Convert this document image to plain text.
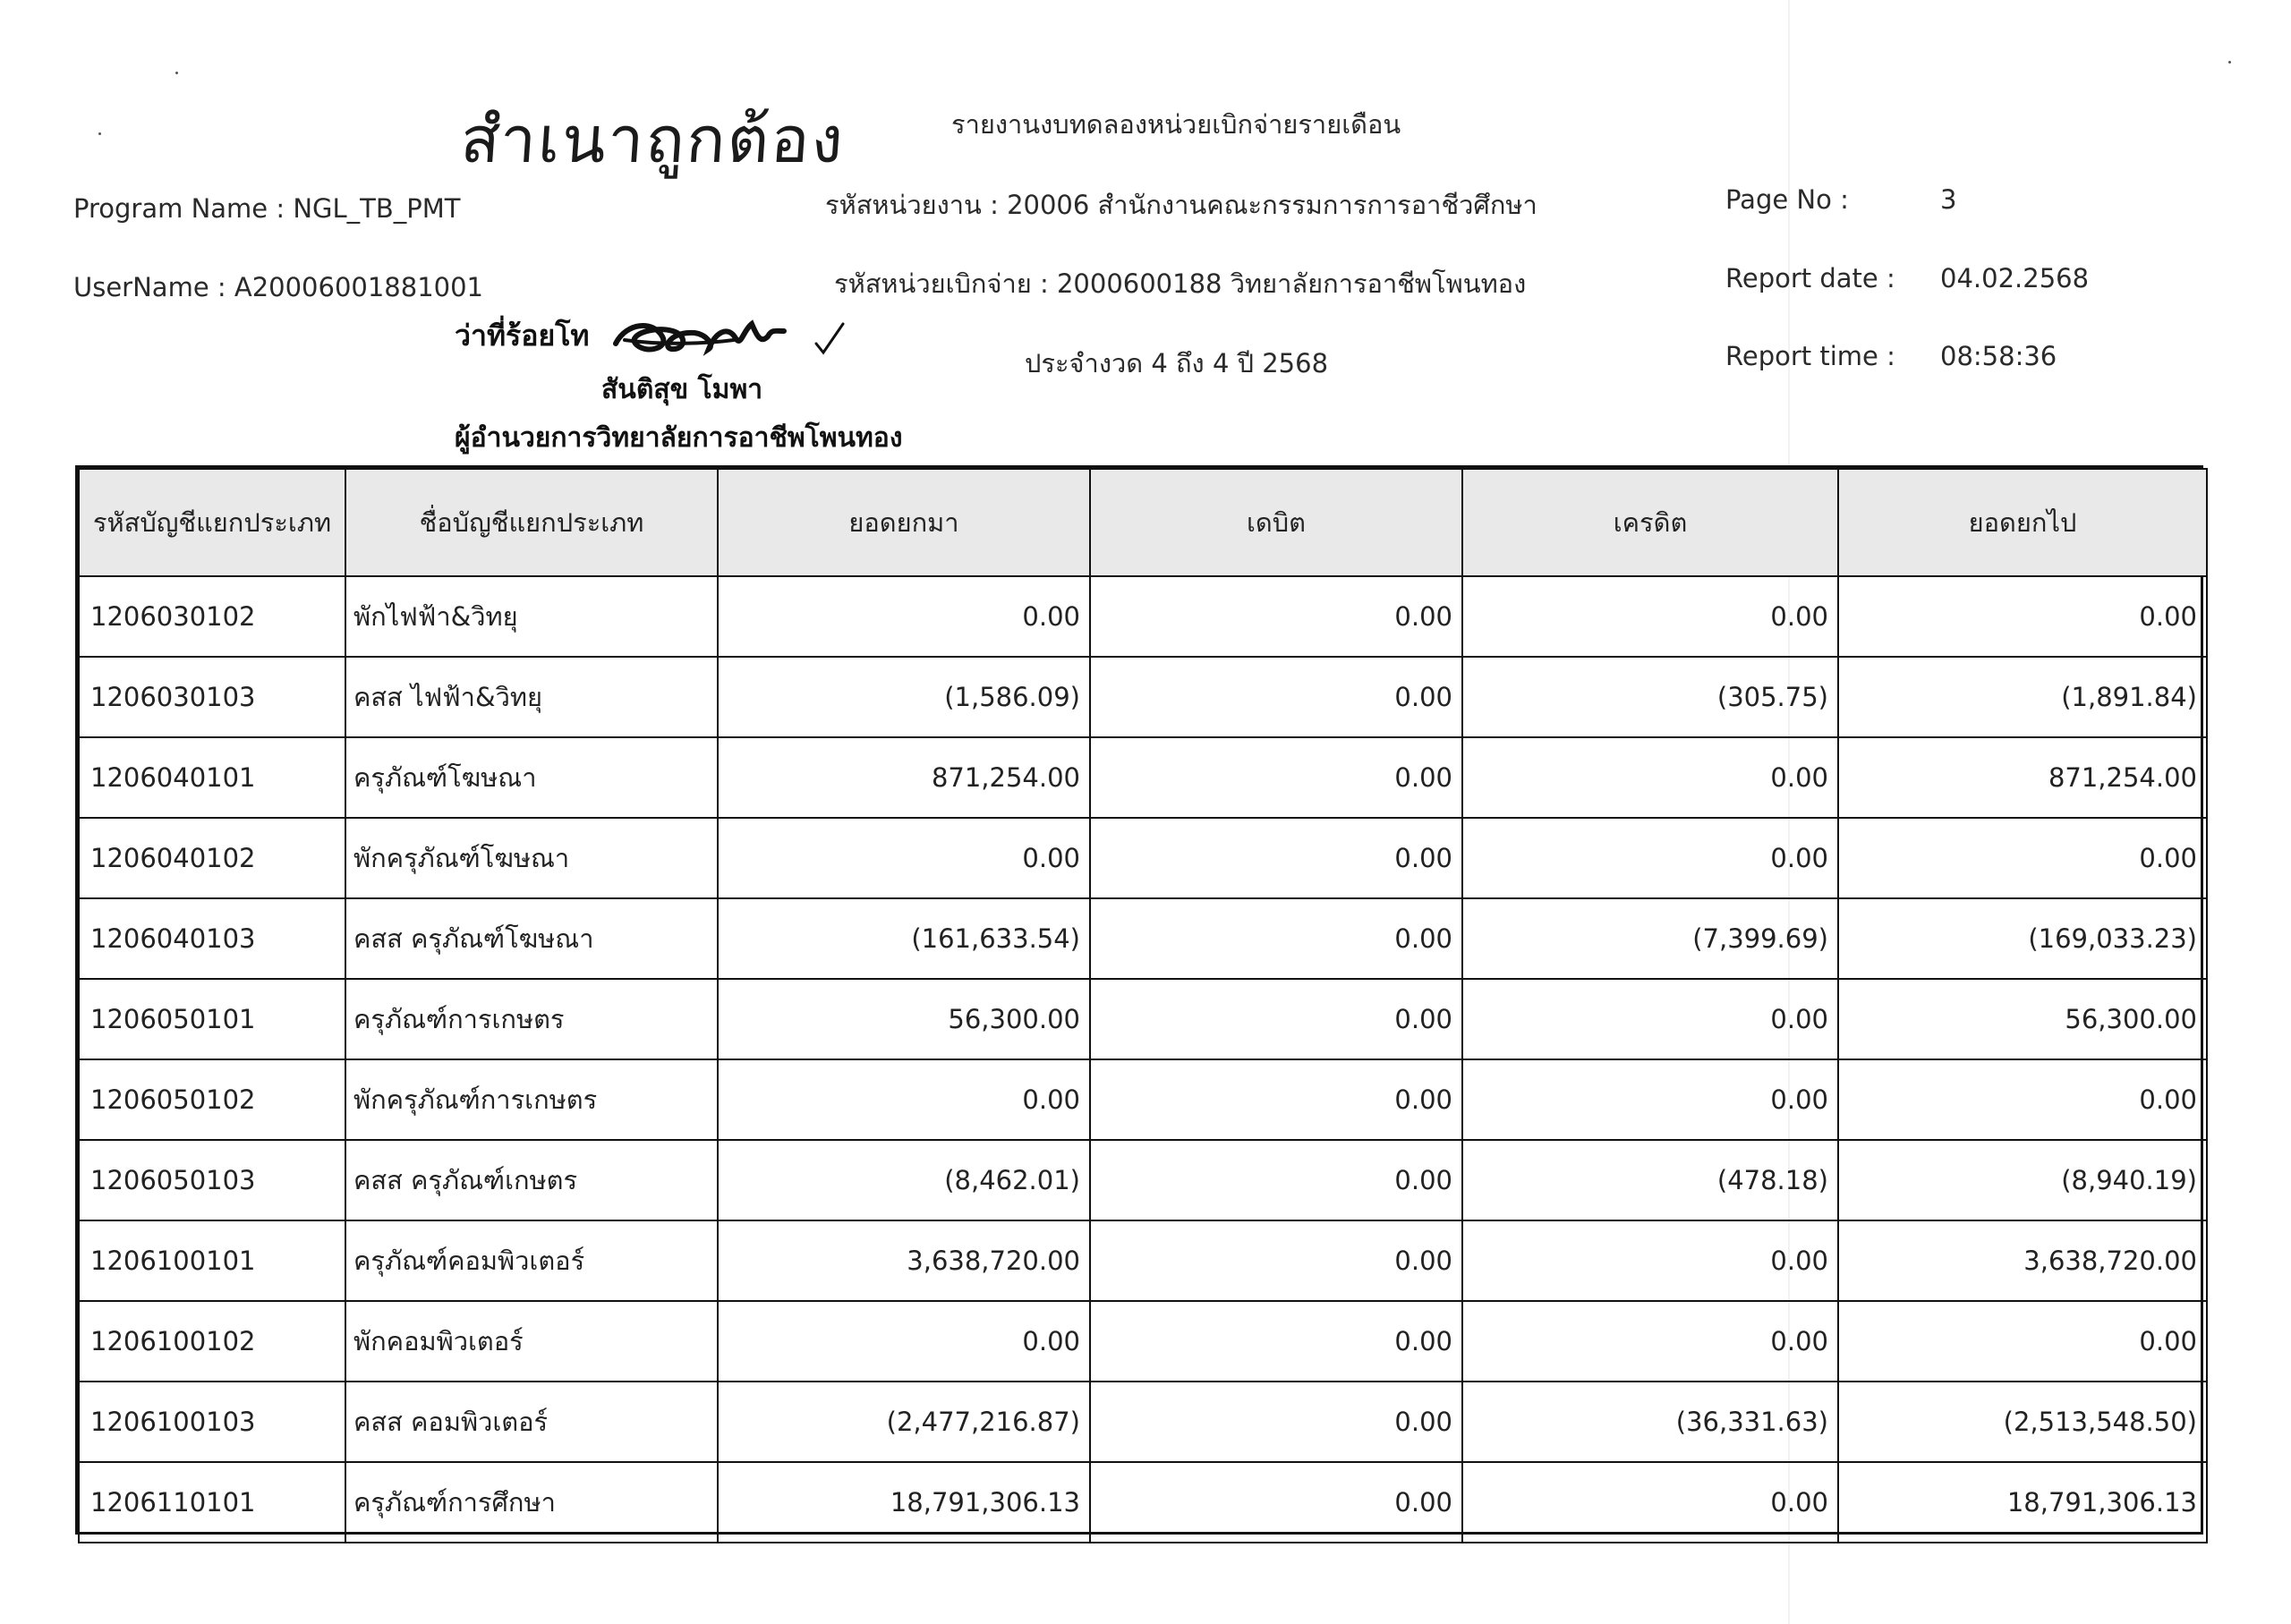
สำเนาถูกต้อง	รายงานงบทดลองหน่วยเบิกจ่ายรายเดือน
Program Name : NGL_TB_PMT	รหัสหน่วยงาน : 20006 สำนักงานคณะกรรมการการอาชีวศึกษา
UserName : A20006001881001	รหัสหน่วยเบิกจ่าย : 2000600188 วิทยาลัยการอาชีพโพนทอง
ประจำงวด 4 ถึง 4 ปี 2568
Page No :	3
Report date : 04.02.2568
Report time : 08:58:36
ว่าที่ร้อยโท
สันติสุข โมพา
ผู้อำนวยการวิทยาลัยการอาชีพโพนทอง
รหัสบัญชีแยกประเภท	ชื่อบัญชีแยกประเภท	ยอดยกมา	เดบิต	เครดิต	ยอดยกไป
1206030102	พักไฟฟ้า&วิทยุ	0.00	0.00	0.00	0.00
1206030103	คสส ไฟฟ้า&วิทยุ	(1,586.09)	0.00	(305.75)	(1,891.84)
1206040101	ครุภัณฑ์โฆษณา	871,254.00	0.00	0.00	871,254.00
1206040102	พักครุภัณฑ์โฆษณา	0.00	0.00	0.00	0.00
1206040103	คสส ครุภัณฑ์โฆษณา	(161,633.54)	0.00	(7,399.69)	(169,033.23)
1206050101	ครุภัณฑ์การเกษตร	56,300.00	0.00	0.00	56,300.00
1206050102	พักครุภัณฑ์การเกษตร	0.00	0.00	0.00	0.00
1206050103	คสส ครุภัณฑ์เกษตร	(8,462.01)	0.00	(478.18)	(8,940.19)
1206100101	ครุภัณฑ์คอมพิวเตอร์	3,638,720.00	0.00	0.00	3,638,720.00
1206100102	พักคอมพิวเตอร์	0.00	0.00	0.00	0.00
1206100103	คสส คอมพิวเตอร์	(2,477,216.87)	0.00	(36,331.63)	(2,513,548.50)
1206110101	ครุภัณฑ์การศึกษา	18,791,306.13	0.00	0.00	18,791,306.13
